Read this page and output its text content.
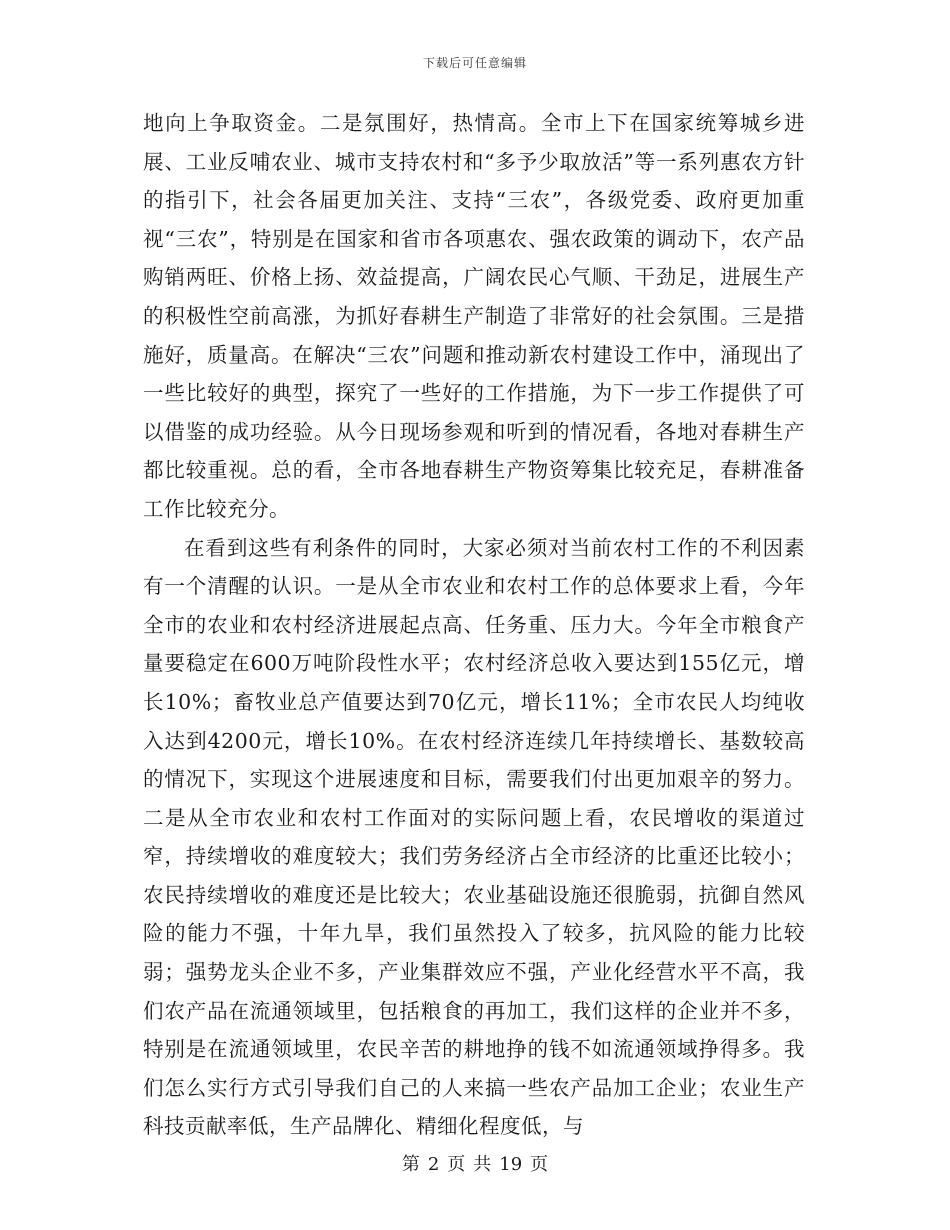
下载后可任意编辑

地向上争取资金。二是氛围好，热情高。全市上下在国家统筹城乡进展、工业反哺农业、城市支持农村和“多予少取放活”等一系列惠农方针的指引下，社会各届更加关注、支持“三农”，各级党委、政府更加重视“三农”，特别是在国家和省市各项惠农、强农政策的调动下，农产品购销两旺、价格上扬、效益提高，广阔农民心气顺、干劲足，进展生产的积极性空前高涨，为抓好春耕生产制造了非常好的社会氛围。三是措施好，质量高。在解决“三农”问题和推动新农村建设工作中，涌现出了一些比较好的典型，探究了一些好的工作措施，为下一步工作提供了可以借鉴的成功经验。从今日现场参观和听到的情况看，各地对春耕生产都比较重视。总的看，全市各地春耕生产物资筹集比较充足，春耕准备工作比较充分。

在看到这些有利条件的同时，大家必须对当前农村工作的不利因素有一个清醒的认识。一是从全市农业和农村工作的总体要求上看，今年全市的农业和农村经济进展起点高、任务重、压力大。今年全市粮食产量要稳定在600万吨阶段性水平；农村经济总收入要达到155亿元，增长10%；畜牧业总产值要达到70亿元，增长11%；全市农民人均纯收入达到4200元，增长10%。在农村经济连续几年持续增长、基数较高的情况下，实现这个进展速度和目标，需要我们付出更加艰辛的努力。二是从全市农业和农村工作面对的实际问题上看，农民增收的渠道过窄，持续增收的难度较大；我们劳务经济占全市经济的比重还比较小；农民持续增收的难度还是比较大；农业基础设施还很脆弱，抗御自然风险的能力不强，十年九旱，我们虽然投入了较多，抗风险的能力比较弱；强势龙头企业不多，产业集群效应不强，产业化经营水平不高，我们农产品在流通领域里，包括粮食的再加工，我们这样的企业并不多，特别是在流通领域里，农民辛苦的耕地挣的钱不如流通领域挣得多。我们怎么实行方式引导我们自己的人来搞一些农产品加工企业；农业生产科技贡献率低，生产品牌化、精细化程度低，与

第 2 页 共 19 页
